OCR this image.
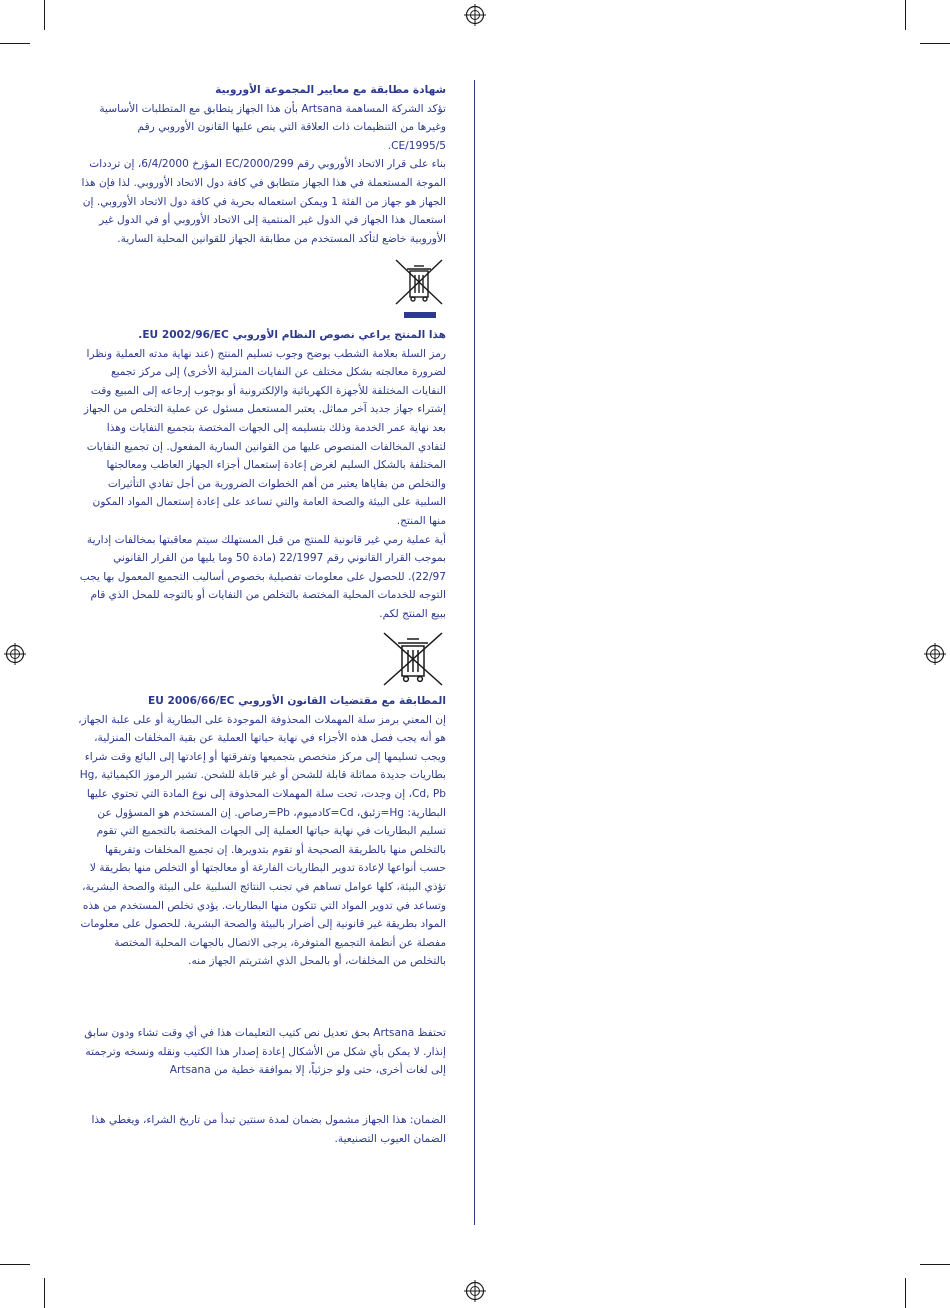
شهادة مطابقة مع معايير المجموعة الأوروبية

تؤكد الشركة المساهمة Artsana بأن هذا الجهاز يتطابق مع المتطلبات الأساسية وغيرها من التنظيمات ذات العلاقة التي ينص عليها القانون الأوروبي رقم CE/1995/5.

بناء على قرار الاتحاد الأوروبي رقم EC/2000/299 المؤرخ 6/4/2000، إن ترددات الموجة المستعملة في هذا الجهاز متطابق في كافة دول الاتحاد الأوروبي. لذا فإن هذا الجهاز هو جهاز من الفئة 1 ويمكن استعماله بحرية في كافة دول الاتحاد الأوروبي. إن استعمال هذا الجهاز في الدول غير المنتمية إلى الاتحاد الأوروبي أو في الدول غير الأوروبية خاضع لتأكد المستخدم من مطابقة الجهاز للقوانين المحلية السارية.

هذا المنتج يراعي نصوص النظام الأوروبي EU 2002/96/EC.

رمز السلة بعلامة الشطب يوضح وجوب تسليم المنتج (عند نهاية مدته العملية ونظرا لضرورة معالجته بشكل مختلف عن النفايات المنزلية الأخرى) إلى مركز تجميع النفايات المختلفة للأجهزة الكهربائية والإلكترونية أو بوجوب إرجاعه إلى المبيع وقت إشتراء جهاز جديد آخر مماثل. يعتبر المستعمل مسئول عن عملية التخلص من الجهاز بعد نهاية عمر الخدمة وذلك بتسليمه إلى الجهات المختصة بتجميع النفايات وهذا لتفادي المخالفات المنصوص عليها من القوانين السارية المفعول. إن تجميع النفايات المختلفة بالشكل السليم لغرض إعادة إستعمال أجزاء الجهاز العاطب ومعالجتها والتخلص من بقاياها يعتبر من أهم الخطوات الضرورية من أجل تفادي التأثيرات السلبية على البيئة والصحة العامة والتي تساعد على إعادة إستعمال المواد المكون منها المنتج.

أية عملية رمي غير قانونية للمنتج من قبل المستهلك سيتم معاقبتها بمخالفات إدارية بموجب القرار القانوني رقم 22/1997 (مادة 50 وما يليها من القرار القانوني 22/97). للحصول على معلومات تفصيلية بخصوص أساليب التجميع المعمول بها يجب التوجه للخدمات المحلية المختصة بالتخلص من النفايات أو بالتوجه للمحل الذي قام ببيع المنتج لكم.

المطابقة مع مقتضيات القانون الأوروبي EU 2006/66/EC

إن المعني برمز سلة المهملات المحذوفة الموجودة على البطارية أو على علبة الجهاز، هو أنه يجب فصل هذه الأجزاء في نهاية حياتها العملية عن بقية المخلفات المنزلية، ويجب تسليمها إلى مركز متخصص بتجميعها وتفرقتها أو إعادتها إلى البائع وقت شراء بطاريات جديدة مماثلة قابلة للشحن أو غير قابلة للشحن. تشير الرموز الكيميائية Hg, Cd, Pb، إن وجدت، تحت سلة المهملات المحذوفة إلى نوع المادة التي تحتوي عليها البطارية: Hg=زئبق، Cd=كادميوم، Pb=رصاص. إن المستخدم هو المسؤول عن تسليم البطاريات في نهاية حياتها العملية إلى الجهات المختصة بالتجميع التي تقوم بالتخلص منها بالطريقة الصحيحة أو تقوم بتدويرها. إن تجميع المخلفات وتفريقها حسب أنواعها لإعادة تدوير البطاريات الفارغة أو معالجتها أو التخلص منها بطريقة لا تؤذي البيئة، كلها عوامل تساهم في تجنب النتائج السلبية على البيئة والصحة البشرية، وتساعد في تدوير المواد التي تتكون منها البطاريات. يؤدي تخلص المستخدم من هذه المواد بطريقة غير قانونية إلى أضرار بالبيئة والصحة البشرية. للحصول على معلومات مفصلة عن أنظمة التجميع المتوفرة، يرجى الاتصال بالجهات المحلية المختصة بالتخلص من المخلفات، أو بالمحل الذي اشتريتم الجهاز منه.

تحتفظ Artsana بحق تعديل نص كتيب التعليمات هذا في أي وقت تشاء ودون سابق إنذار. لا يمكن بأي شكل من الأشكال إعادة إصدار هذا الكتيب ونقله ونسخه وترجمته إلى لغات أخرى، حتى ولو جزئياً، إلا بموافقة خطية من Artsana

الضمان: هذا الجهاز مشمول بضمان لمدة سنتين تبدأ من تاريخ الشراء، ويغطي هذا الضمان العيوب التصنيعية.
